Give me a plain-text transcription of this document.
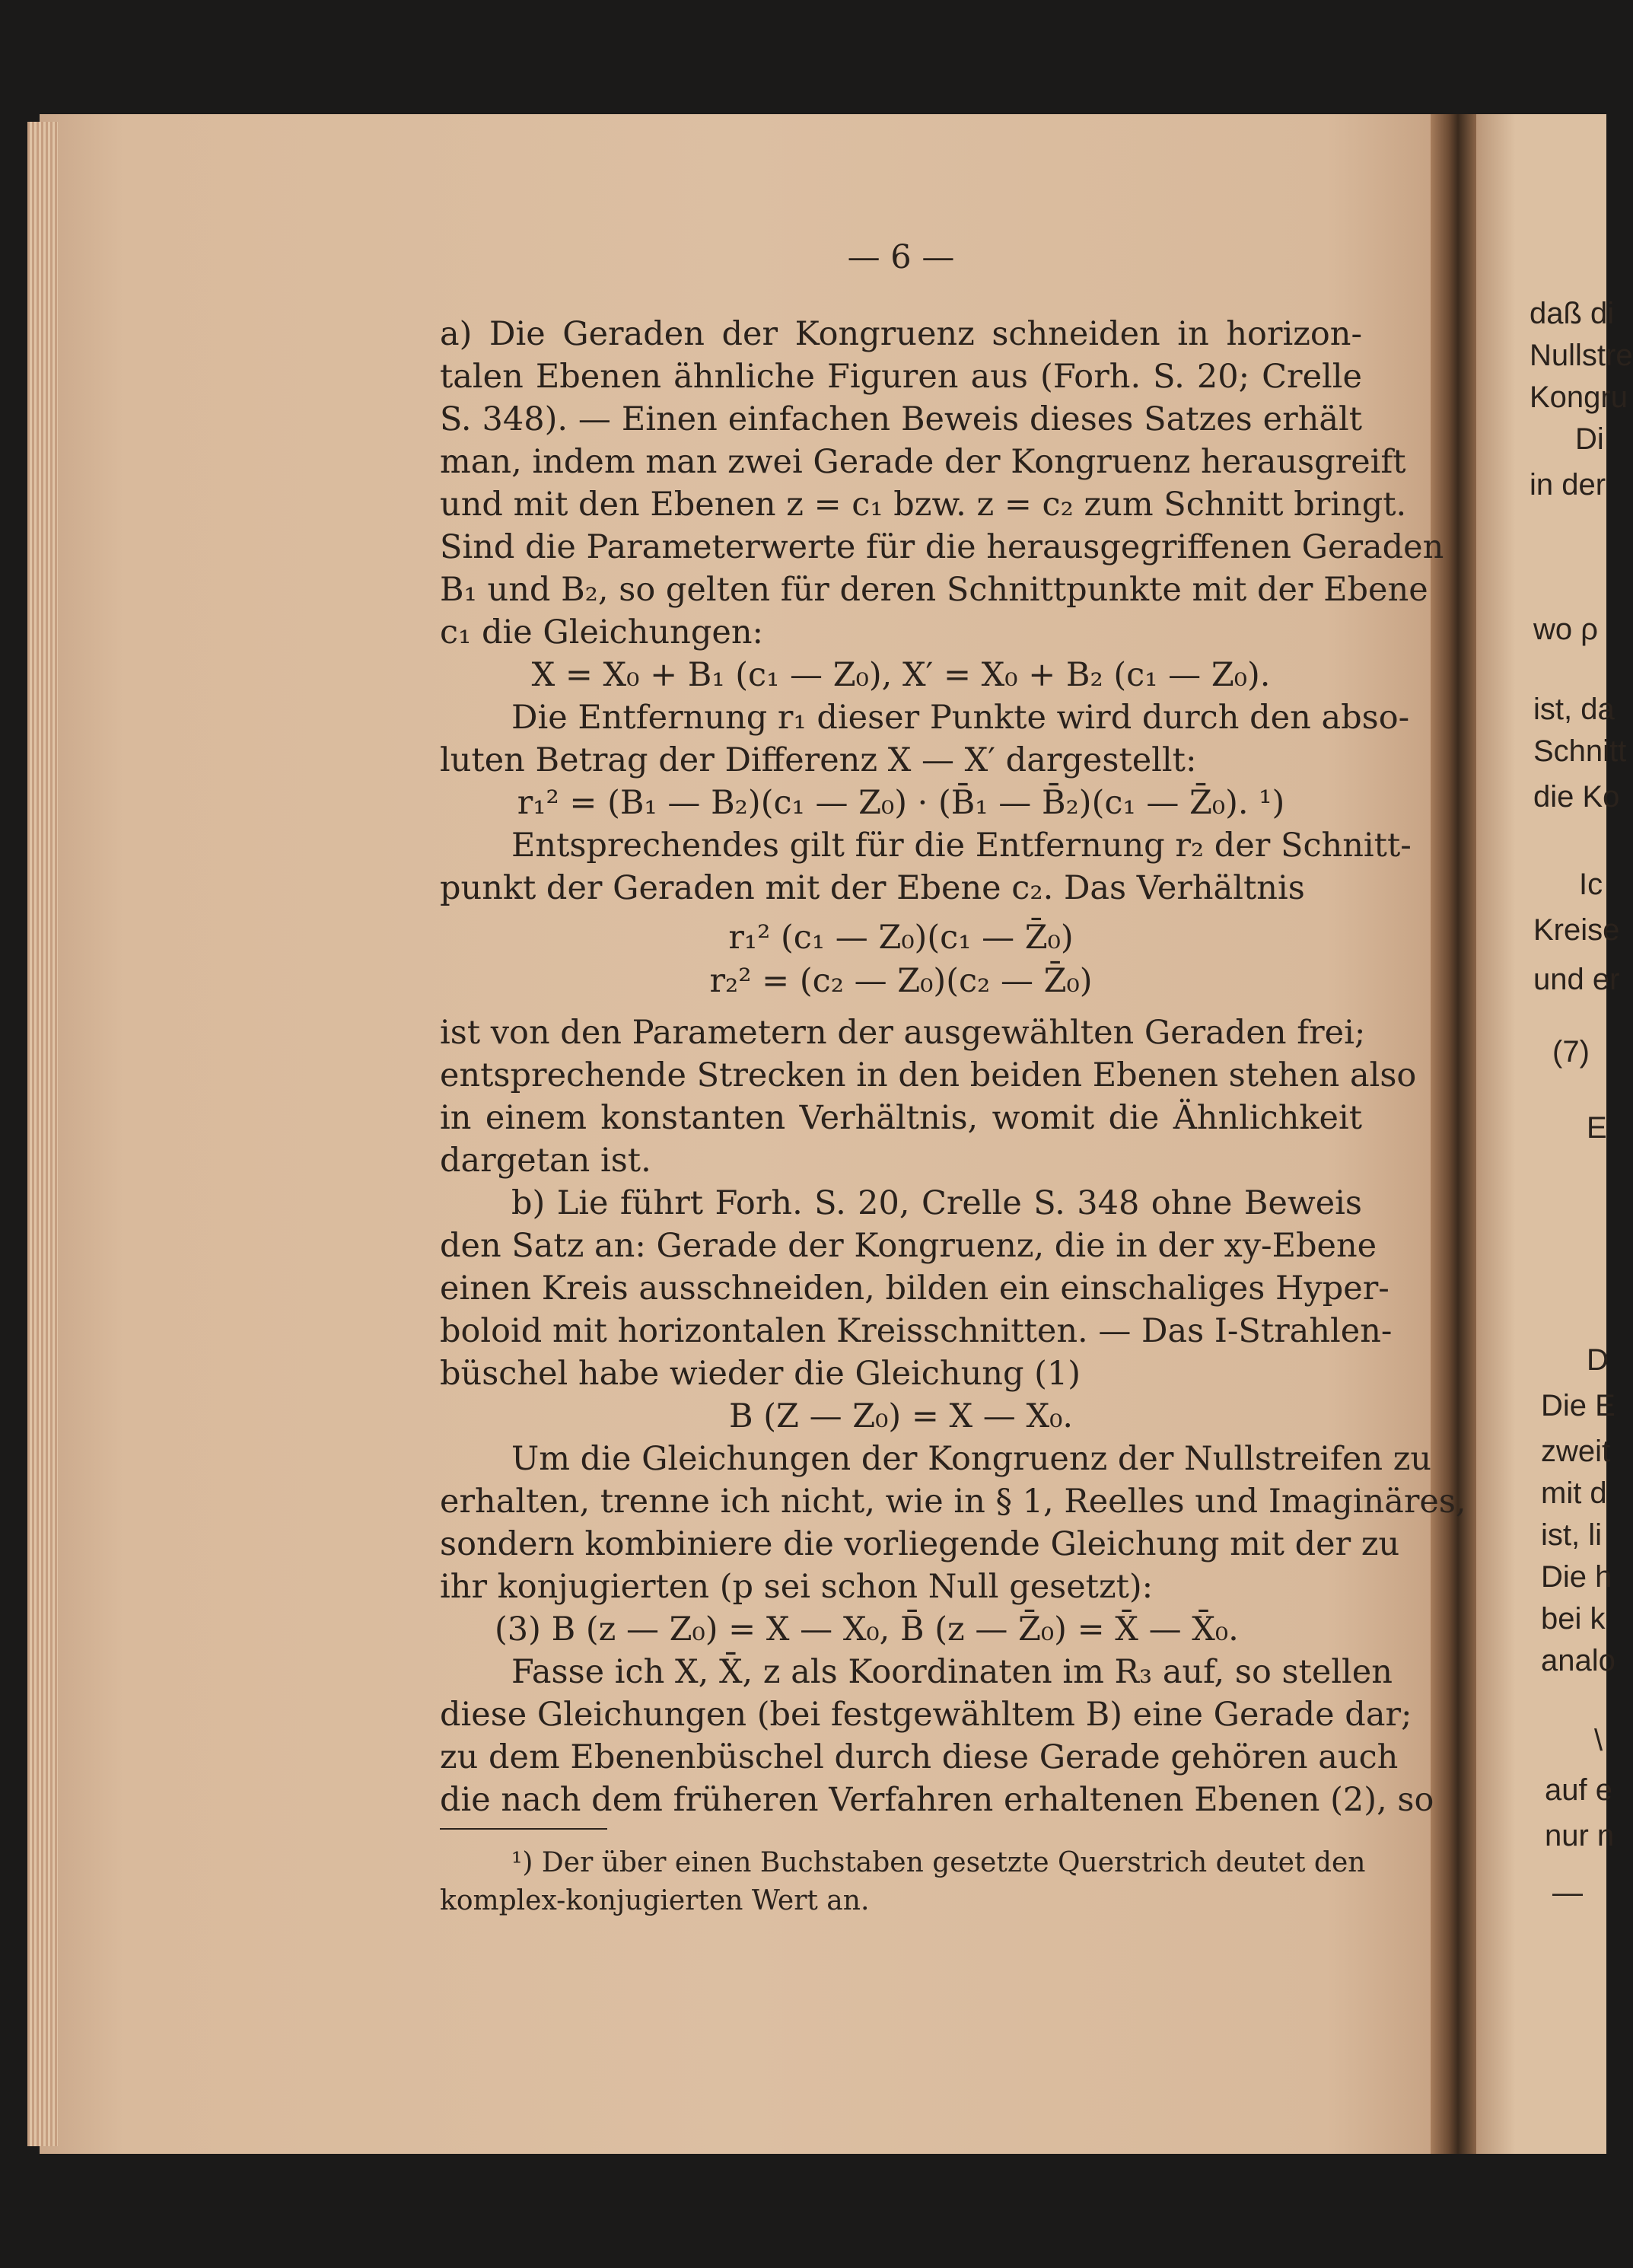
— 6 —
a) Die Geraden der Kongruenz schneiden in horizon-
talen Ebenen ähnliche Figuren aus (Forh. S. 20; Crelle
S. 348). — Einen einfachen Beweis dieses Satzes erhält
man, indem man zwei Gerade der Kongruenz herausgreift
und mit den Ebenen z = c₁ bzw. z = c₂ zum Schnitt bringt.
Sind die Parameterwerte für die herausgegriffenen Geraden
B₁ und B₂, so gelten für deren Schnittpunkte mit der Ebene
c₁ die Gleichungen:
X = X₀ + B₁ (c₁ — Z₀), X′ = X₀ + B₂ (c₁ — Z₀).
Die Entfernung r₁ dieser Punkte wird durch den abso-
luten Betrag der Differenz X — X′ dargestellt:
r₁² = (B₁ — B₂)(c₁ — Z₀) · (B̄₁ — B̄₂)(c₁ — Z̄₀). ¹)
Entsprechendes gilt für die Entfernung r₂ der Schnitt-
punkt der Geraden mit der Ebene c₂. Das Verhältnis
r₁² (c₁ — Z₀)(c₁ — Z̄₀)
r₂² = (c₂ — Z₀)(c₂ — Z̄₀)
ist von den Parametern der ausgewählten Geraden frei;
entsprechende Strecken in den beiden Ebenen stehen also
in einem konstanten Verhältnis, womit die Ähnlichkeit
dargetan ist.
b) Lie führt Forh. S. 20, Crelle S. 348 ohne Beweis
den Satz an: Gerade der Kongruenz, die in der xy-Ebene
einen Kreis ausschneiden, bilden ein einschaliges Hyper-
boloid mit horizontalen Kreisschnitten. — Das I-Strahlen-
büschel habe wieder die Gleichung (1)
B (Z — Z₀) = X — X₀.
Um die Gleichungen der Kongruenz der Nullstreifen zu
erhalten, trenne ich nicht, wie in § 1, Reelles und Imaginäres,
sondern kombiniere die vorliegende Gleichung mit der zu
ihr konjugierten (p sei schon Null gesetzt):
(3) B (z — Z₀) = X — X₀, B̄ (z — Z̄₀) = X̄ — X̄₀.
Fasse ich X, X̄, z als Koordinaten im R₃ auf, so stellen
diese Gleichungen (bei festgewähltem B) eine Gerade dar;
zu dem Ebenenbüschel durch diese Gerade gehören auch
die nach dem früheren Verfahren erhaltenen Ebenen (2), so
¹) Der über einen Buchstaben gesetzte Querstrich deutet den
komplex-konjugierten Wert an.
daß di
Nullstre
Kongru
Di
in der
wo ρ
ist, da
Schnitt
die Ko
Ic
Kreise
und er
(7)
E
D
Die E
zweit
mit d
ist, li
Die h
bei k
analo
\
auf e
nur n
—
